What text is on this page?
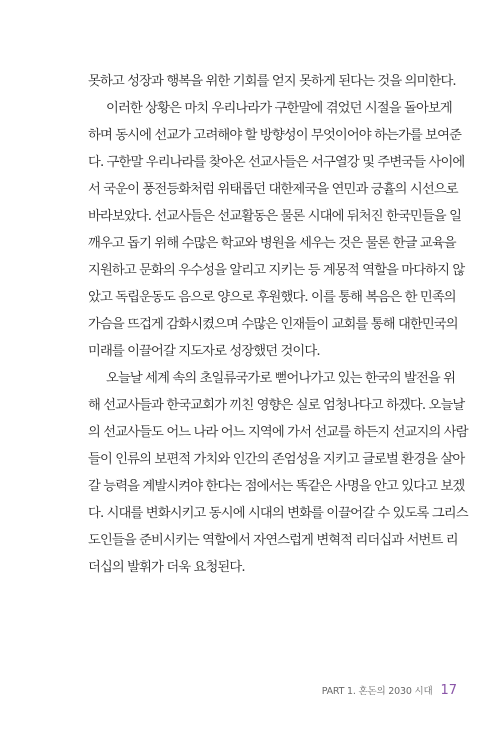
못하고 성장과 행복을 위한 기회를 얻지 못하게 된다는 것을 의미한다.
이러한 상황은 마치 우리나라가 구한말에 겪었던 시절을 돌아보게
하며 동시에 선교가 고려해야 할 방향성이 무엇이어야 하는가를 보여준
다. 구한말 우리나라를 찾아온 선교사들은 서구열강 및 주변국들 사이에
서 국운이 풍전등화처럼 위태롭던 대한제국을 연민과 긍휼의 시선으로
바라보았다. 선교사들은 선교활동은 물론 시대에 뒤처진 한국민들을 일
깨우고 돕기 위해 수많은 학교와 병원을 세우는 것은 물론 한글 교육을
지원하고 문화의 우수성을 알리고 지키는 등 계몽적 역할을 마다하지 않
았고 독립운동도 음으로 양으로 후원했다. 이를 통해 복음은 한 민족의
가슴을 뜨겁게 감화시켰으며 수많은 인재들이 교회를 통해 대한민국의
미래를 이끌어갈 지도자로 성장했던 것이다.
오늘날 세계 속의 초일류국가로 뻗어나가고 있는 한국의 발전을 위
해 선교사들과 한국교회가 끼친 영향은 실로 엄청나다고 하겠다. 오늘날
의 선교사들도 어느 나라 어느 지역에 가서 선교를 하든지 선교지의 사람
들이 인류의 보편적 가치와 인간의 존엄성을 지키고 글로벌 환경을 살아
갈 능력을 계발시켜야 한다는 점에서는 똑같은 사명을 안고 있다고 보겠
다. 시대를 변화시키고 동시에 시대의 변화를 이끌어갈 수 있도록 그리스
도인들을 준비시키는 역할에서 자연스럽게 변혁적 리더십과 서번트 리
더십의 발휘가 더욱 요청된다.
PART 1. 혼돈의 2030 시대 17
